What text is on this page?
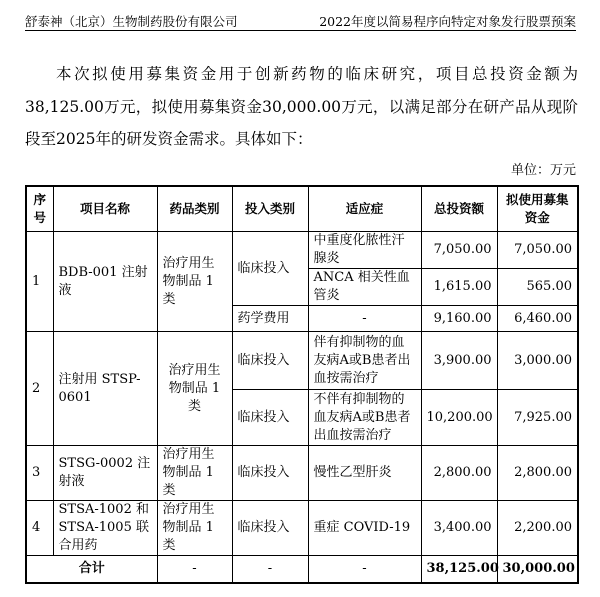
舒泰神（北京）生物制药股份有限公司	2022年度以简易程序向特定对象发行股票预案

本次拟使用募集资金用于创新药物的临床研究，项目总投资金额为38,125.00万元，拟使用募集资金30,000.00万元，以满足部分在研产品从现阶段至2025年的研发资金需求。具体如下：

单位：万元
序号	项目名称	药品类别	投入类别	适应症	总投资额	拟使用募集资金
1	BDB-001 注射液	治疗用生物制品 1类	临床投入	中重度化脓性汗腺炎	7,050.00	7,050.00
				ANCA 相关性血管炎	1,615.00	565.00
			药学费用	-	9,160.00	6,460.00
2	注射用 STSP-0601	治疗用生物制品 1类	临床投入	伴有抑制物的血友病A或B患者出血按需治疗	3,900.00	3,000.00
			临床投入	不伴有抑制物的血友病A或B患者出血按需治疗	10,200.00	7,925.00
3	STSG-0002 注射液	治疗用生物制品 1类	临床投入	慢性乙型肝炎	2,800.00	2,800.00
4	STSA-1002 和 STSA-1005 联合用药	治疗用生物制品 1类	临床投入	重症 COVID-19	3,400.00	2,200.00
合计		-	-	-	38,125.00	30,000.00
